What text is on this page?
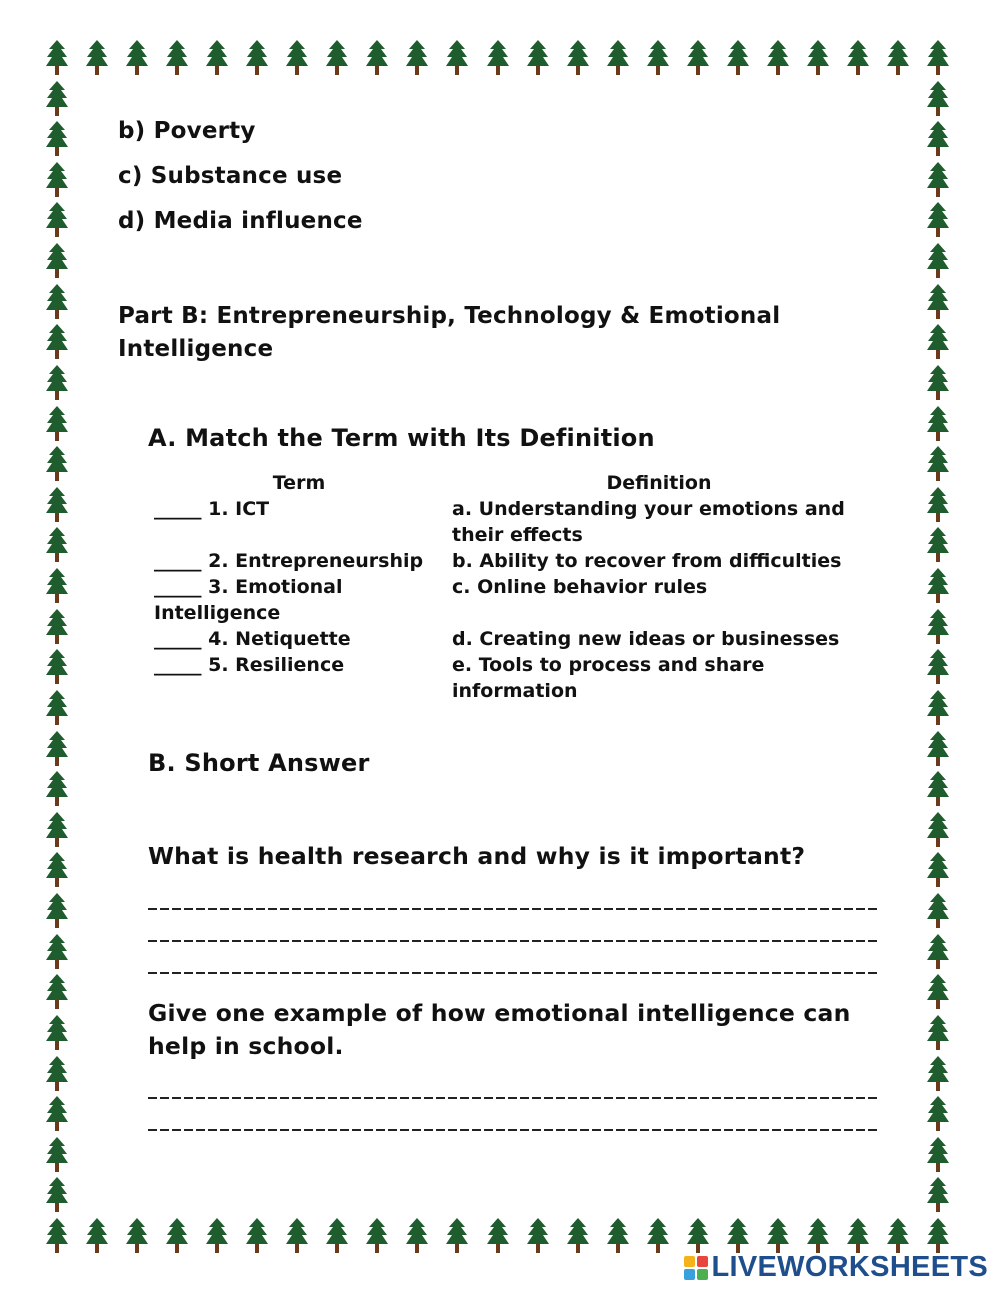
b) Poverty
c) Substance use
d) Media influence
Part B: Entrepreneurship, Technology & Emotional Intelligence
A. Match the Term with Its Definition
Term	Definition
_____ 1. ICT	a. Understanding your emotions and their effects
_____ 2. Entrepreneurship	b. Ability to recover from difficulties
_____ 3. Emotional Intelligence	c. Online behavior rules
_____ 4. Netiquette	d. Creating new ideas or businesses
_____ 5. Resilience	e. Tools to process and share information
B. Short Answer
What is health research and why is it important?
Give one example of how emotional intelligence can help in school.
LIVEWORKSHEETS
